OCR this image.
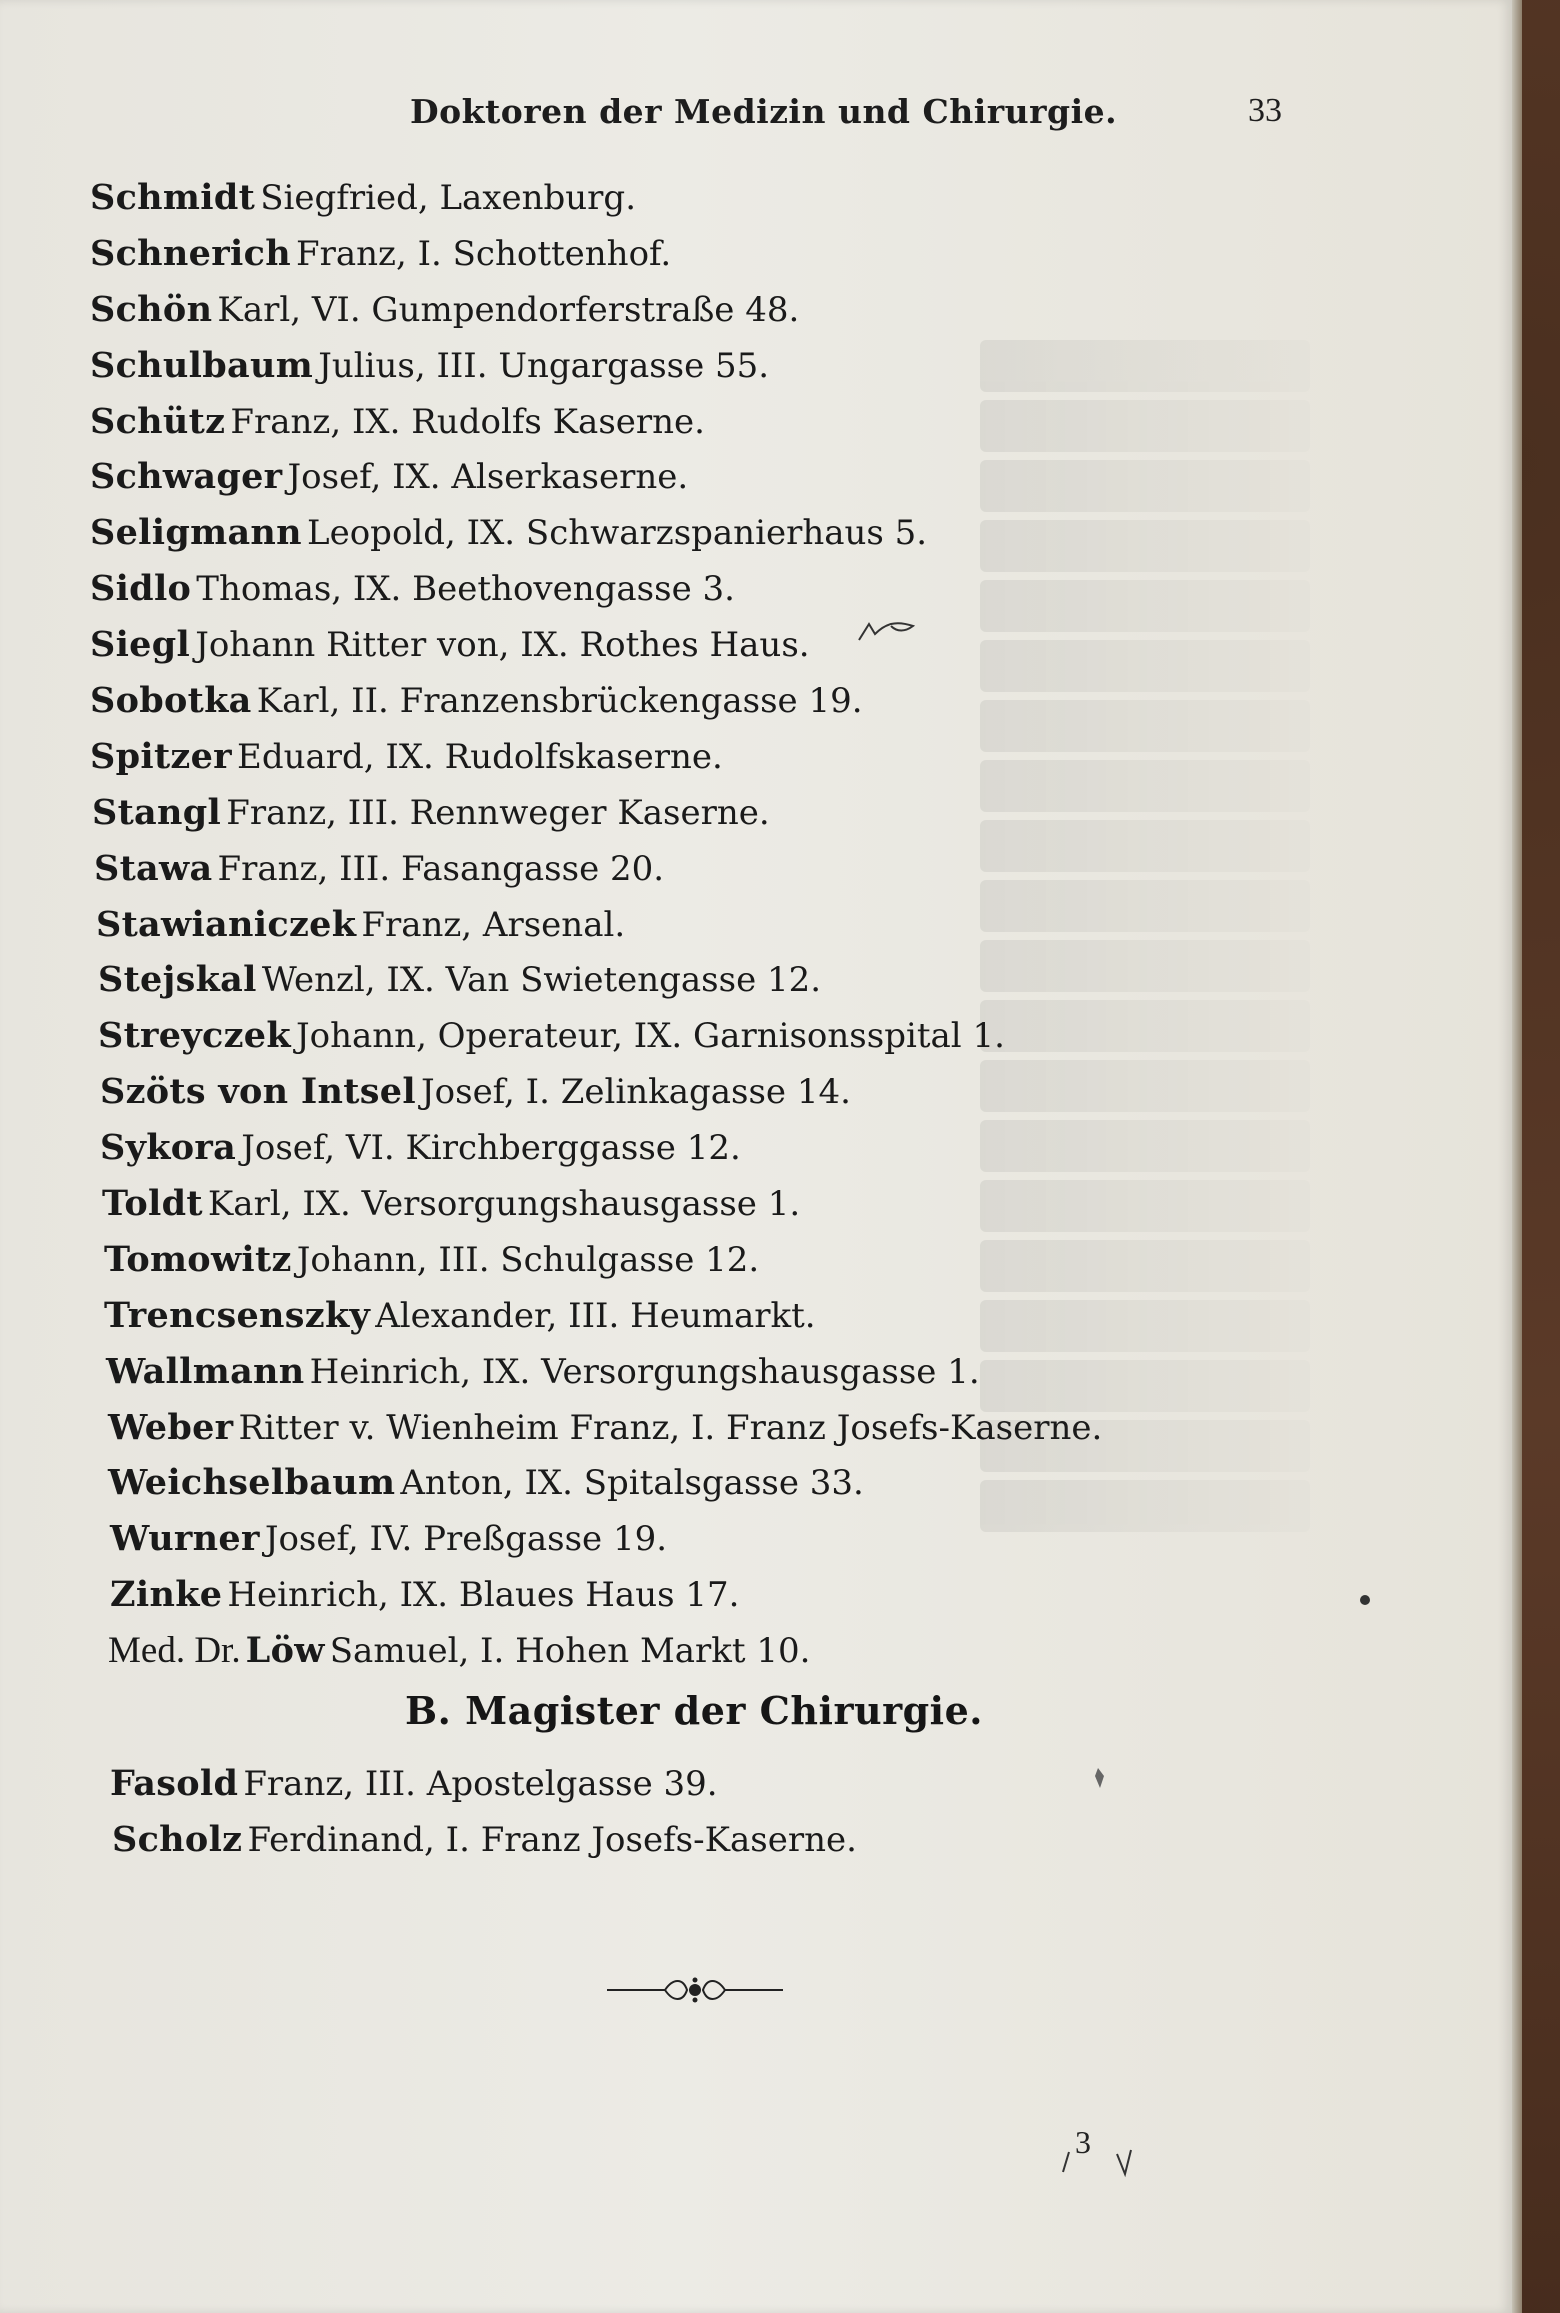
Doktoren der Medizin und Chirurgie.	33
Schmidt Siegfried, Laxenburg.
Schnerich Franz, I. Schottenhof.
Schön Karl, VI. Gumpendorferstraße 48.
Schulbaum Julius, III. Ungargasse 55.
Schütz Franz, IX. Rudolfs Kaserne.
Schwager Josef, IX. Alserkaserne.
Seligmann Leopold, IX. Schwarzspanierhaus 5.
Sidlo Thomas, IX. Beethovengasse 3.
Siegl Johann Ritter von, IX. Rothes Haus.
Sobotka Karl, II. Franzensbrückengasse 19.
Spitzer Eduard, IX. Rudolfskaserne.
Stangl Franz, III. Rennweger Kaserne.
Stawa Franz, III. Fasangasse 20.
Stawianiczek Franz, Arsenal.
Stejskal Wenzl, IX. Van Swietengasse 12.
Streyczek Johann, Operateur, IX. Garnisonsspital 1.
Szöts von Intsel Josef, I. Zelinkagasse 14.
Sykora Josef, VI. Kirchberggasse 12.
Toldt Karl, IX. Versorgungshausgasse 1.
Tomowitz Johann, III. Schulgasse 12.
Trencsenszky Alexander, III. Heumarkt.
Wallmann Heinrich, IX. Versorgungshausgasse 1.
Weber Ritter v. Wienheim Franz, I. Franz Josefs-Kaserne.
Weichselbaum Anton, IX. Spitalsgasse 33.
Wurner Josef, IV. Preßgasse 19.
Zinke Heinrich, IX. Blaues Haus 17.
Med. Dr. Löw Samuel, I. Hohen Markt 10.
B. Magister der Chirurgie.
Fasold Franz, III. Apostelgasse 39.
Scholz Ferdinand, I. Franz Josefs-Kaserne.
3
